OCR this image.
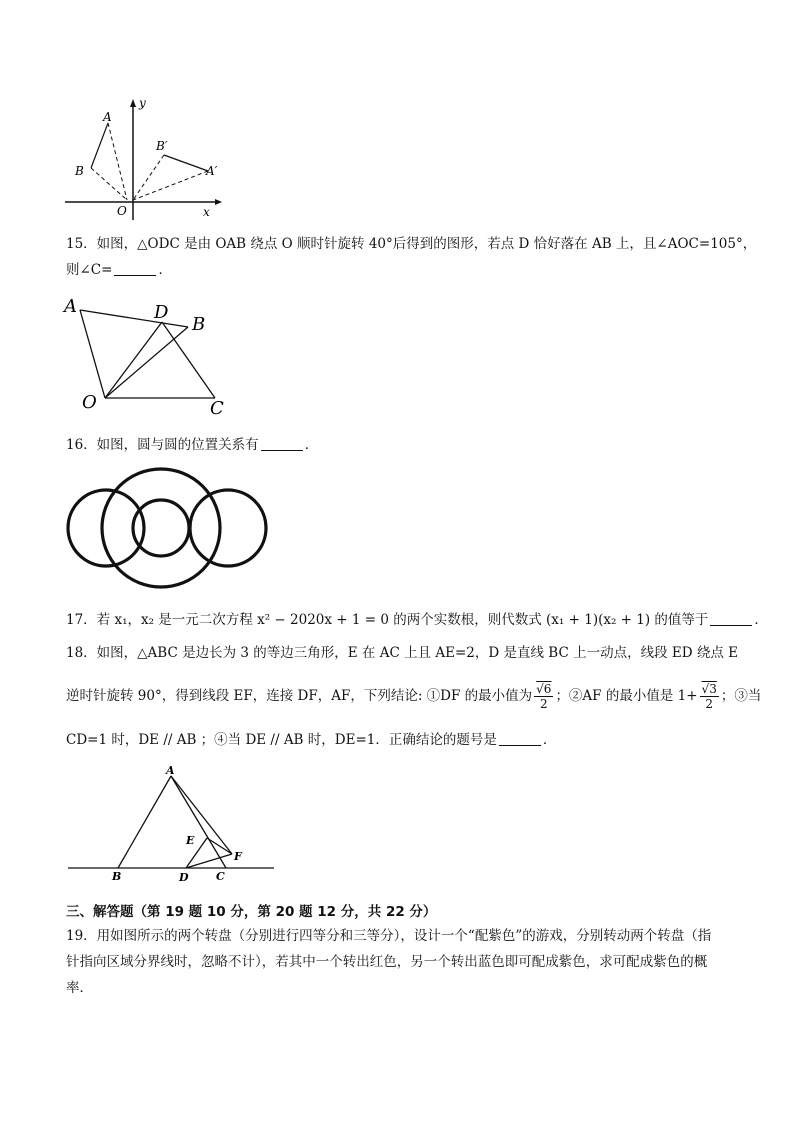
y
x
O
A
B
B′
A′
15．如图，△ODC 是由 OAB 绕点 O 顺时针旋转 40°后得到的图形，若点 D 恰好落在 AB 上，且∠AOC=105°，
则∠C=	．
A	D
B
O	C
16．如图，圆与圆的位置关系有	．
17．若 x₁，x₂ 是一元二次方程 x² − 2020x + 1 = 0 的两个实数根，则代数式 (x₁ + 1)(x₂ + 1) 的值等于	．
18．如图，△ABC 是边长为 3 的等边三角形，E 在 AC 上且 AE=2，D 是直线 BC 上一动点，线段 ED 绕点 E
逆时针旋转 90°，得到线段 EF，连接 DF，AF，下列结论: ①DF 的最小值为 $\frac{√6}{2}$ ；②AF 的最小值是 $1+ \frac{√3}{2}$ ；③当
CD=1 时，DE // AB ；④当 DE // AB 时，DE=1．正确结论的题号是	．
A
E
F
B	D C
三、解答题（第 19 题 10 分，第 20 题 12 分，共 22 分）
19．用如图所示的两个转盘（分别进行四等分和三等分），设计一个“配紫色”的游戏，分别转动两个转盘（指
针指向区域分界线时，忽略不计），若其中一个转出红色，另一个转出蓝色即可配成紫色，求可配成紫色的概
率．
